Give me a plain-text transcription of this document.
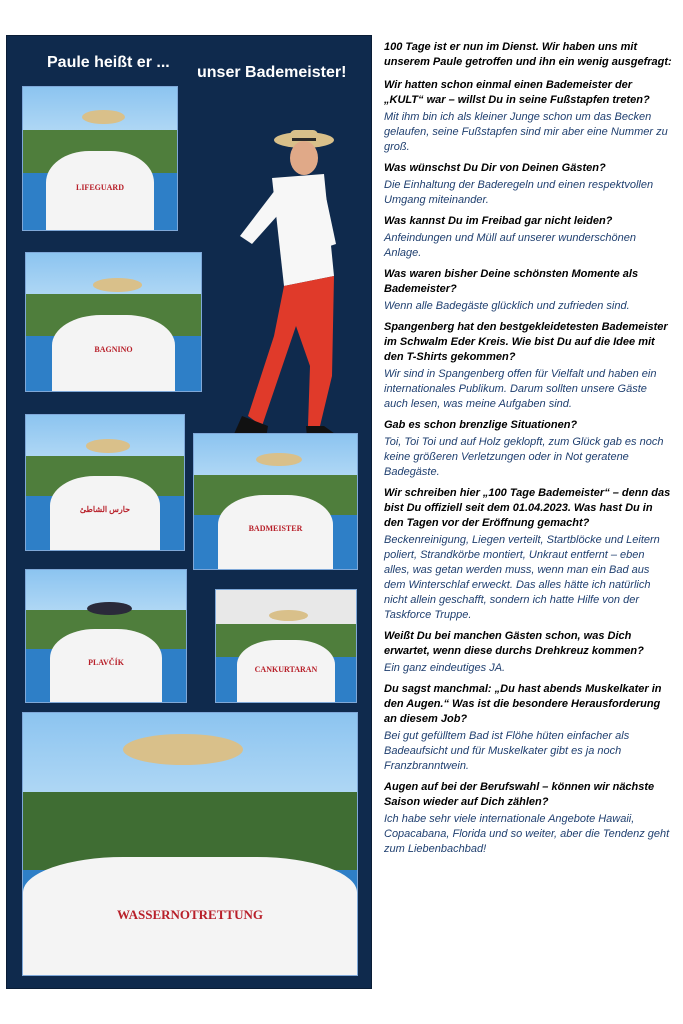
Paule heißt er ...
unser Bademeister!
LIFEGUARD
BAGNINO
حارس الشاطئ
BADMEISTER
PLAVČÍK
CANKURTARAN
WASSERNOTRETTUNG

100 Tage ist er nun im Dienst. Wir haben uns mit unserem Paule getroffen und ihn ein wenig ausgefragt:

Wir hatten schon einmal einen Bademeister der „KULT“ war – willst Du in seine Fußstapfen treten?

Mit ihm bin ich als kleiner Junge schon um das Becken gelaufen, seine Fußstapfen sind mir aber eine Nummer zu groß.

Was wünschst Du Dir von Deinen Gästen?

Die Einhaltung der Baderegeln und einen respektvollen Umgang miteinander.

Was kannst Du im Freibad gar nicht leiden?

Anfeindungen und Müll auf unserer wunderschönen Anlage.

Was waren bisher Deine schönsten Momente als Bademeister?

Wenn alle Badegäste glücklich und zufrieden sind.

Spangenberg hat den bestgekleidetesten Bademeister im Schwalm Eder Kreis. Wie bist Du auf die Idee mit den T-Shirts gekommen?

Wir sind in Spangenberg offen für Vielfalt und haben ein internationales Publikum. Darum sollten unsere Gäste auch lesen, was meine Aufgaben sind.

Gab es schon brenzlige Situationen?

Toi, Toi Toi und auf Holz geklopft, zum Glück gab es noch keine größeren Verletzungen oder in Not geratene Badegäste.

Wir schreiben hier „100 Tage Bademeister“ – denn das bist Du offiziell seit dem 01.04.2023. Was hast Du in den Tagen vor der Eröffnung gemacht?

Beckenreinigung, Liegen verteilt, Startblöcke und Leitern poliert, Strandkörbe montiert, Unkraut entfernt – eben alles, was getan werden muss, wenn man ein Bad aus dem Winterschlaf erweckt. Das alles hätte ich natürlich nicht allein geschafft, sondern ich hatte Hilfe von der Taskforce Truppe.

Weißt Du bei manchen Gästen schon, was Dich erwartet, wenn diese durchs Drehkreuz kommen?

Ein ganz eindeutiges JA.

Du sagst manchmal: „Du hast abends Muskelkater in den Augen.“ Was ist die besondere Herausforderung an diesem Job?

Bei gut gefülltem Bad ist Flöhe hüten einfacher als Badeaufsicht und für Muskelkater gibt es ja noch Franzbranntwein.

Augen auf bei der Berufswahl – können wir nächste Saison wieder auf Dich zählen?

Ich habe sehr viele internationale Angebote Hawaii, Copacabana, Florida und so weiter, aber die Tendenz geht zum Liebenbachbad!
